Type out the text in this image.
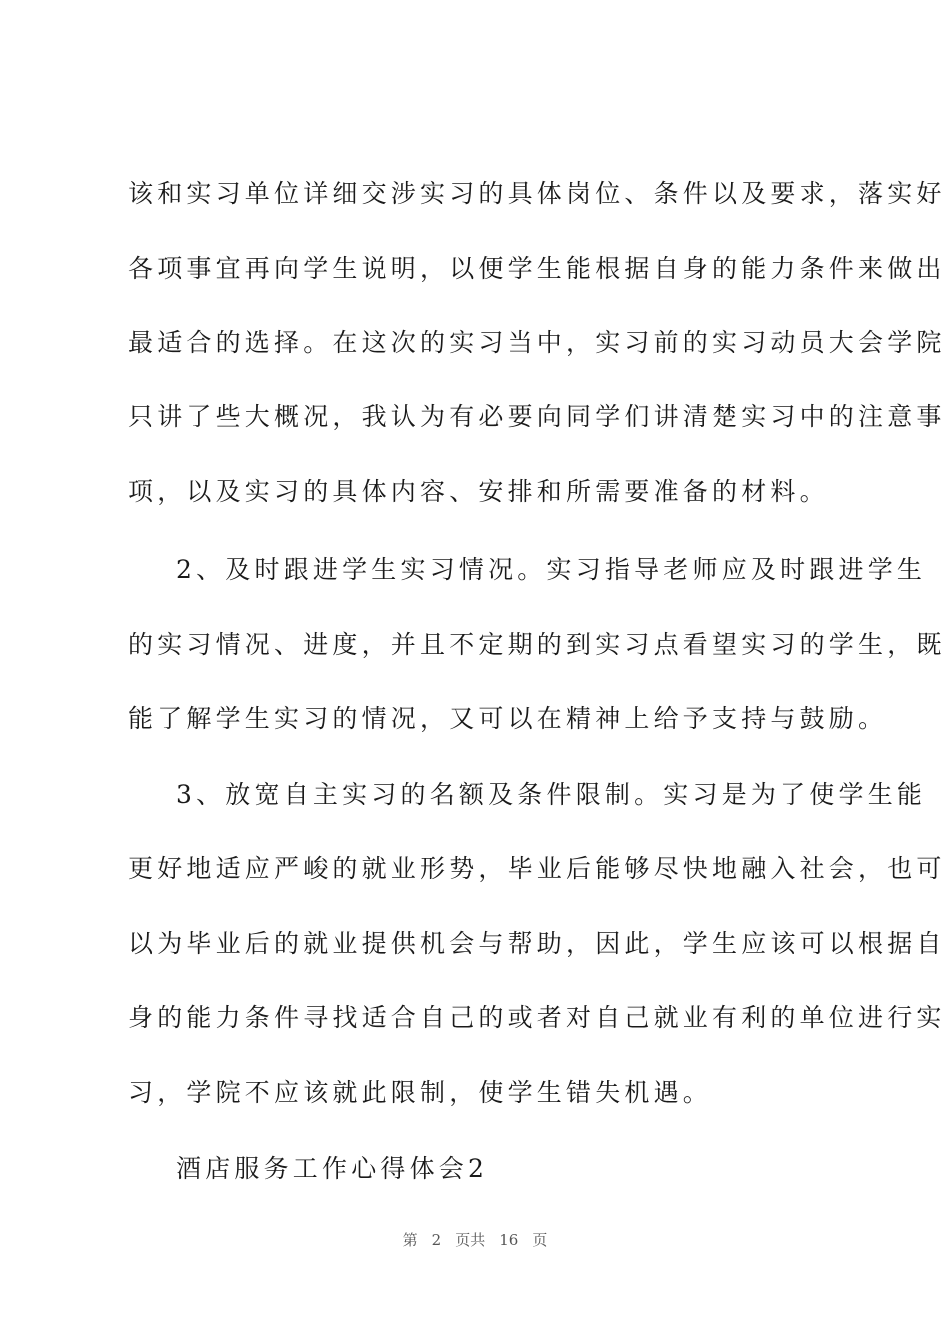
该和实习单位详细交涉实习的具体岗位、条件以及要求，落实好
各项事宜再向学生说明，以便学生能根据自身的能力条件来做出
最适合的选择。在这次的实习当中，实习前的实习动员大会学院
只讲了些大概况，我认为有必要向同学们讲清楚实习中的注意事
项，以及实习的具体内容、安排和所需要准备的材料。
2、及时跟进学生实习情况。实习指导老师应及时跟进学生
的实习情况、进度，并且不定期的到实习点看望实习的学生，既
能了解学生实习的情况，又可以在精神上给予支持与鼓励。
3、放宽自主实习的名额及条件限制。实习是为了使学生能
更好地适应严峻的就业形势，毕业后能够尽快地融入社会，也可
以为毕业后的就业提供机会与帮助，因此，学生应该可以根据自
身的能力条件寻找适合自己的或者对自己就业有利的单位进行实
习，学院不应该就此限制，使学生错失机遇。
酒店服务工作心得体会2
第 2 页共 16 页
